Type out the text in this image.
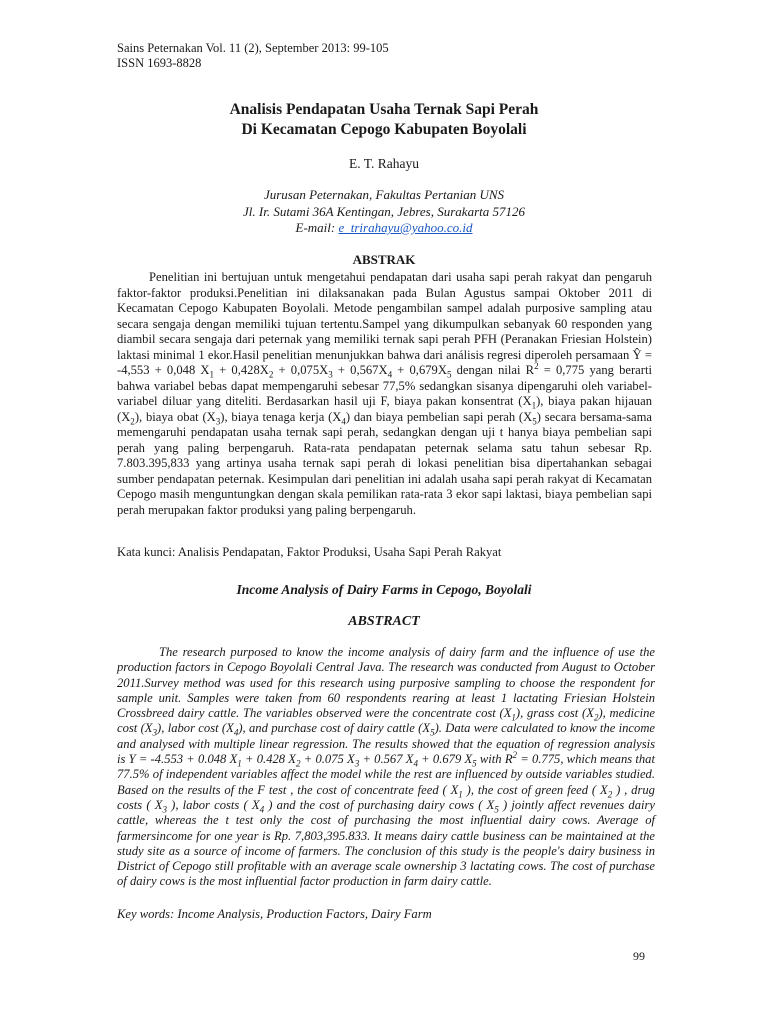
Sains Peternakan Vol. 11 (2), September 2013: 99-105
ISSN 1693-8828
Analisis Pendapatan Usaha Ternak Sapi Perah
Di Kecamatan Cepogo Kabupaten Boyolali
E. T. Rahayu
Jurusan Peternakan, Fakultas Pertanian UNS
Jl. Ir. Sutami 36A Kentingan, Jebres, Surakarta 57126
E-mail: e_trirahayu@yahoo.co.id
ABSTRAK
Penelitian ini bertujuan untuk mengetahui pendapatan dari usaha sapi perah rakyat dan pengaruh faktor-faktor produksi.Penelitian ini dilaksanakan pada Bulan Agustus sampai Oktober 2011 di Kecamatan Cepogo Kabupaten Boyolali. Metode pengambilan sampel adalah purposive sampling atau secara sengaja dengan memiliki tujuan tertentu.Sampel yang dikumpulkan sebanyak 60 responden yang diambil secara sengaja dari peternak yang memiliki ternak sapi perah PFH (Peranakan Friesian Holstein) laktasi minimal 1 ekor.Hasil penelitian menunjukkan bahwa dari análisis regresi diperoleh persamaan Ŷ = -4,553 + 0,048 $X_1 + 0,428X_2 + 0,075X_3 + 0,567X_4 + 0,679X_5$ dengan nilai $R^2 = 0,775$ yang berarti bahwa variabel bebas dapat mempengaruhi sebesar 77,5% sedangkan sisanya dipengaruhi oleh variabel-variabel diluar yang diteliti. Berdasarkan hasil uji F, biaya pakan konsentrat $(X_1)$, biaya pakan hijauan $(X_2)$, biaya obat $(X_3)$, biaya tenaga kerja $(X_4)$ dan biaya pembelian sapi perah $(X_5)$ secara bersama-sama memengaruhi pendapatan usaha ternak sapi perah, sedangkan dengan uji t hanya biaya pembelian sapi perah yang paling berpengaruh. Rata-rata pendapatan peternak selama satu tahun sebesar Rp. 7.803.395,833 yang artinya usaha ternak sapi perah di lokasi penelitian bisa dipertahankan sebagai sumber pendapatan peternak. Kesimpulan dari penelitian ini adalah usaha sapi perah rakyat di Kecamatan Cepogo masih menguntungkan dengan skala pemilikan rata-rata 3 ekor sapi laktasi, biaya pembelian sapi perah merupakan faktor produksi yang paling berpengaruh.
Kata kunci: Analisis Pendapatan, Faktor Produksi, Usaha Sapi Perah Rakyat
Income Analysis of Dairy Farms in Cepogo, Boyolali
ABSTRACT
The research purposed to know the income analysis of dairy farm and the influence of use the production factors in Cepogo Boyolali Central Java. The research was conducted from August to October 2011.Survey method was used for this research using purposive sampling to choose the respondent for sample unit. Samples were taken from 60 respondents rearing at least 1 lactating Friesian Holstein Crossbreed dairy cattle. The variables observed were the concentrate cost $(X_1)$, grass cost $(X_2)$, medicine cost $(X_3)$, labor cost $(X_4)$, and purchase cost of dairy cattle $(X_5)$. Data were calculated to know the income and analysed with multiple linear regression. The results showed that the equation of regression analysis is Y = -4.553 + 0.048 $X_1 + 0.428$ $X_2 + 0.075$ $X_3 + 0.567$ $X_4 + 0.679$ $X_5$ with $R^2 = 0.775$, which means that 77.5% of independent variables affect the model while the rest are influenced by outside variables studied. Based on the results of the F test , the cost of concentrate feed ( $X_1$ ), the cost of green feed ( $X_2$ ) , drug costs ( $X_3$ ), labor costs ( $X_4$ ) and the cost of purchasing dairy cows ( $X_5$ ) jointly affect revenues dairy cattle, whereas the t test only the cost of purchasing the most influential dairy cows. Average of farmersincome for one year is Rp. 7,803,395.833. It means dairy cattle business can be maintained at the study site as a source of income of farmers. The conclusion of this study is the people's dairy business in District of Cepogo still profitable with an average scale ownership 3 lactating cows. The cost of purchase of dairy cows is the most influential factor production in farm dairy cattle.
Key words: Income Analysis, Production Factors, Dairy Farm
99
